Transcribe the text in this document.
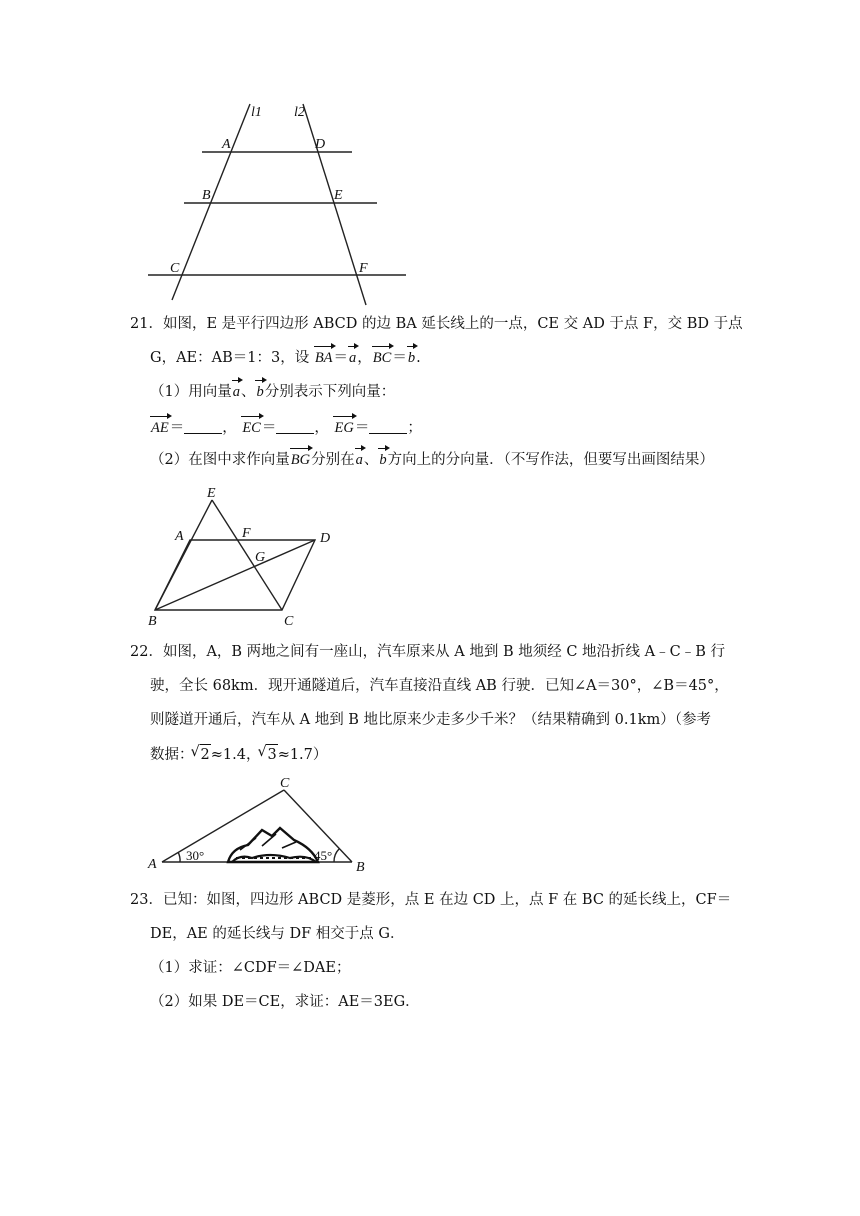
l1 l2
A	D
B	E
C	F
E
A	F	D
G
B	C
C
A	B
30°	45°
21．如图，E 是平行四边形 ABCD 的边 BA 延长线上的一点，CE 交 AD 于点 F，交 BD 于点
G，AE：AB＝1：3，设 BA＝a，BC＝b.
（1）用向量a、b分别表示下列向量：
AE＝	， EC＝	， EG＝	；
（2）在图中求作向量BG分别在a、b方向上的分向量．（不写作法，但要写出画图结果）
22．如图，A，B 两地之间有一座山，汽车原来从 A 地到 B 地须经 C 地沿折线 A﹣C﹣B 行
驶，全长 68km．现开通隧道后，汽车直接沿直线 AB 行驶．已知∠A＝30°，∠B＝45°，
则隧道开通后，汽车从 A 地到 B 地比原来少走多少千米？（结果精确到 0.1km）（参考
数据： √ 2≈1.4， √ 3≈1.7）
23．已知：如图，四边形 ABCD 是菱形，点 E 在边 CD 上，点 F 在 BC 的延长线上，CF＝
DE，AE 的延长线与 DF 相交于点 G．
（1）求证：∠CDF＝∠DAE；
（2）如果 DE＝CE，求证：AE＝3EG．
